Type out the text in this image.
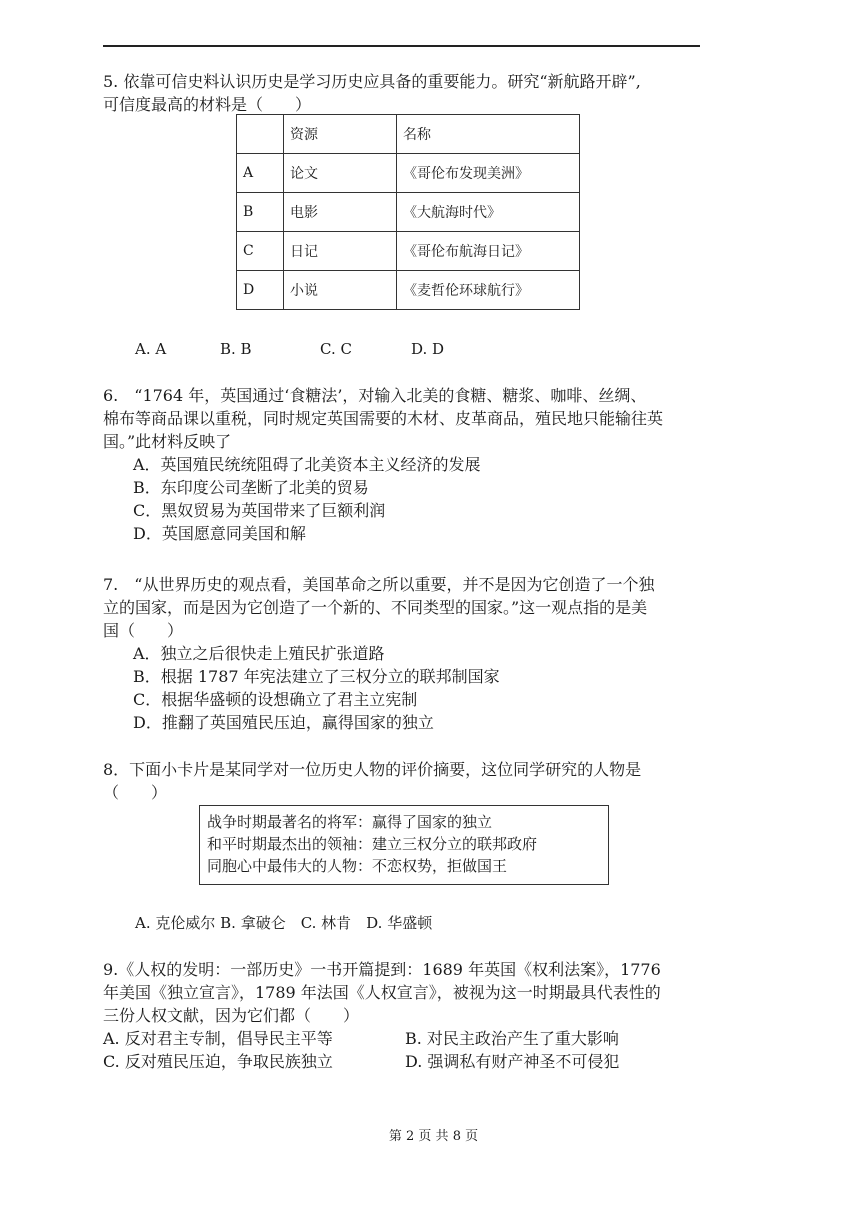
5. 依靠可信史料认识历史是学习历史应具备的重要能力。研究“新航路开辟”,
可信度最高的材料是（　　）
	资源	名称
A	论文	《哥伦布发现美洲》
B	电影	《大航海时代》
C	日记	《哥伦布航海日记》
D	小说	《麦哲伦环球航行》
A. A	B. B	C. C	D. D
6.　“1764 年，英国通过‘食糖法’，对输入北美的食糖、糖浆、咖啡、丝绸、
棉布等商品课以重税，同时规定英国需要的木材、皮革商品，殖民地只能输往英
国。”此材料反映了
A．英国殖民统统阻碍了北美资本主义经济的发展
B．东印度公司垄断了北美的贸易
C．黑奴贸易为英国带来了巨额利润
D．英国愿意同美国和解
7.　“从世界历史的观点看，美国革命之所以重要，并不是因为它创造了一个独
立的国家，而是因为它创造了一个新的、不同类型的国家。”这一观点指的是美
国（　　）
A．独立之后很快走上殖民扩张道路
B．根据 1787 年宪法建立了三权分立的联邦制国家
C．根据华盛顿的设想确立了君主立宪制
D．推翻了英国殖民压迫，赢得国家的独立
8．下面小卡片是某同学对一位历史人物的评价摘要，这位同学研究的人物是
（　　）
战争时期最著名的将军：赢得了国家的独立
和平时期最杰出的领袖：建立三权分立的联邦政府
同胞心中最伟大的人物：不恋权势，拒做国王
A. 克伦威尔 B. 拿破仑　C. 林肯　D. 华盛顿
9.《人权的发明：一部历史》一书开篇提到：1689 年英国《权利法案》，1776
年美国《独立宣言》，1789 年法国《人权宣言》，被视为这一时期最具代表性的
三份人权文献，因为它们都（　　）
A. 反对君主专制，倡导民主平等	B. 对民主政治产生了重大影响
C. 反对殖民压迫，争取民族独立	D. 强调私有财产神圣不可侵犯
第 2 页 共 8 页
